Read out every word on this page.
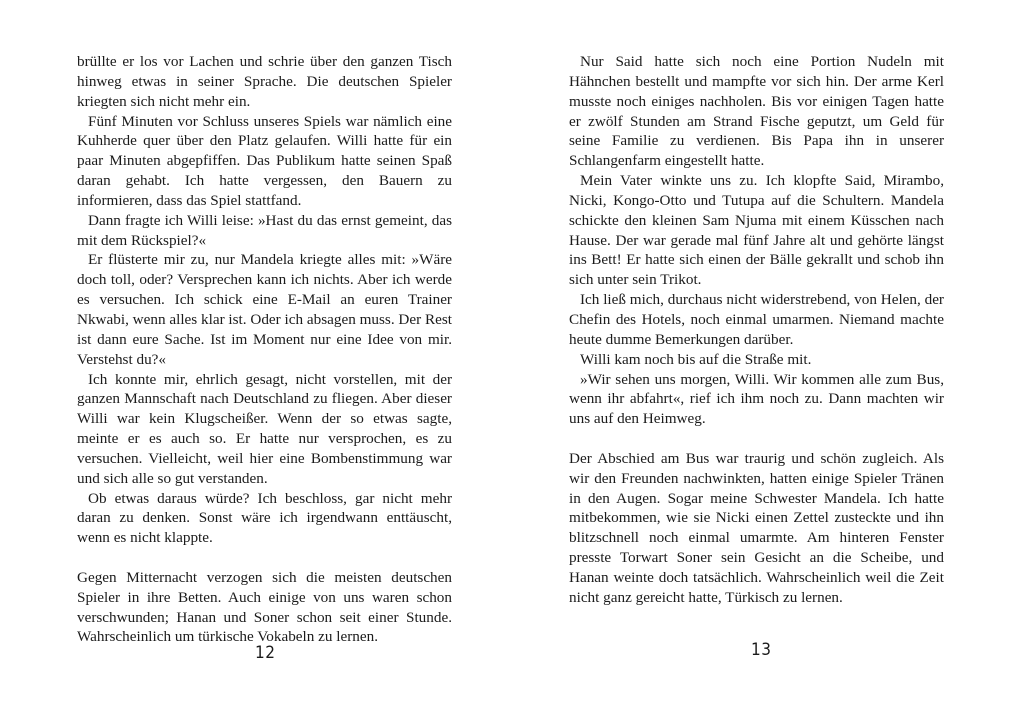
brüllte er los vor Lachen und schrie über den ganzen Tisch hinweg etwas in seiner Sprache. Die deutschen Spieler kriegten sich nicht mehr ein.

Fünf Minuten vor Schluss unseres Spiels war nämlich eine Kuhherde quer über den Platz gelaufen. Willi hatte für ein paar Minuten abgepfiffen. Das Publikum hatte seinen Spaß daran gehabt. Ich hatte vergessen, den Bauern zu informieren, dass das Spiel stattfand.

Dann fragte ich Willi leise: »Hast du das ernst gemeint, das mit dem Rückspiel?«

Er flüsterte mir zu, nur Mandela kriegte alles mit: »Wäre doch toll, oder? Versprechen kann ich nichts. Aber ich werde es versuchen. Ich schick eine E-Mail an euren Trainer Nkwabi, wenn alles klar ist. Oder ich absagen muss. Der Rest ist dann eure Sache. Ist im Moment nur eine Idee von mir. Verstehst du?«

Ich konnte mir, ehrlich gesagt, nicht vorstellen, mit der ganzen Mannschaft nach Deutschland zu fliegen. Aber dieser Willi war kein Klugscheißer. Wenn der so etwas sagte, meinte er es auch so. Er hatte nur versprochen, es zu versuchen. Vielleicht, weil hier eine Bombenstimmung war und sich alle so gut verstanden.

Ob etwas daraus würde? Ich beschloss, gar nicht mehr daran zu denken. Sonst wäre ich irgendwann enttäuscht, wenn es nicht klappte.

Gegen Mitternacht verzogen sich die meisten deutschen Spieler in ihre Betten. Auch einige von uns waren schon verschwunden; Hanan und Soner schon seit einer Stunde. Wahrscheinlich um türkische Vokabeln zu lernen.

12

Nur Said hatte sich noch eine Portion Nudeln mit Hähnchen bestellt und mampfte vor sich hin. Der arme Kerl musste noch einiges nachholen. Bis vor einigen Tagen hatte er zwölf Stunden am Strand Fische geputzt, um Geld für seine Familie zu verdienen. Bis Papa ihn in unserer Schlangenfarm eingestellt hatte.

Mein Vater winkte uns zu. Ich klopfte Said, Mirambo, Nicki, Kongo-Otto und Tutupa auf die Schultern. Mandela schickte den kleinen Sam Njuma mit einem Küsschen nach Hause. Der war gerade mal fünf Jahre alt und gehörte längst ins Bett! Er hatte sich einen der Bälle gekrallt und schob ihn sich unter sein Trikot.

Ich ließ mich, durchaus nicht widerstrebend, von Helen, der Chefin des Hotels, noch einmal umarmen. Niemand machte heute dumme Bemerkungen darüber.

Willi kam noch bis auf die Straße mit.

»Wir sehen uns morgen, Willi. Wir kommen alle zum Bus, wenn ihr abfahrt«, rief ich ihm noch zu. Dann machten wir uns auf den Heimweg.

Der Abschied am Bus war traurig und schön zugleich. Als wir den Freunden nachwinkten, hatten einige Spieler Tränen in den Augen. Sogar meine Schwester Mandela. Ich hatte mitbekommen, wie sie Nicki einen Zettel zusteckte und ihn blitzschnell noch einmal umarmte. Am hinteren Fenster presste Torwart Soner sein Gesicht an die Scheibe, und Hanan weinte doch tatsächlich. Wahrscheinlich weil die Zeit nicht ganz gereicht hatte, Türkisch zu lernen.

13
